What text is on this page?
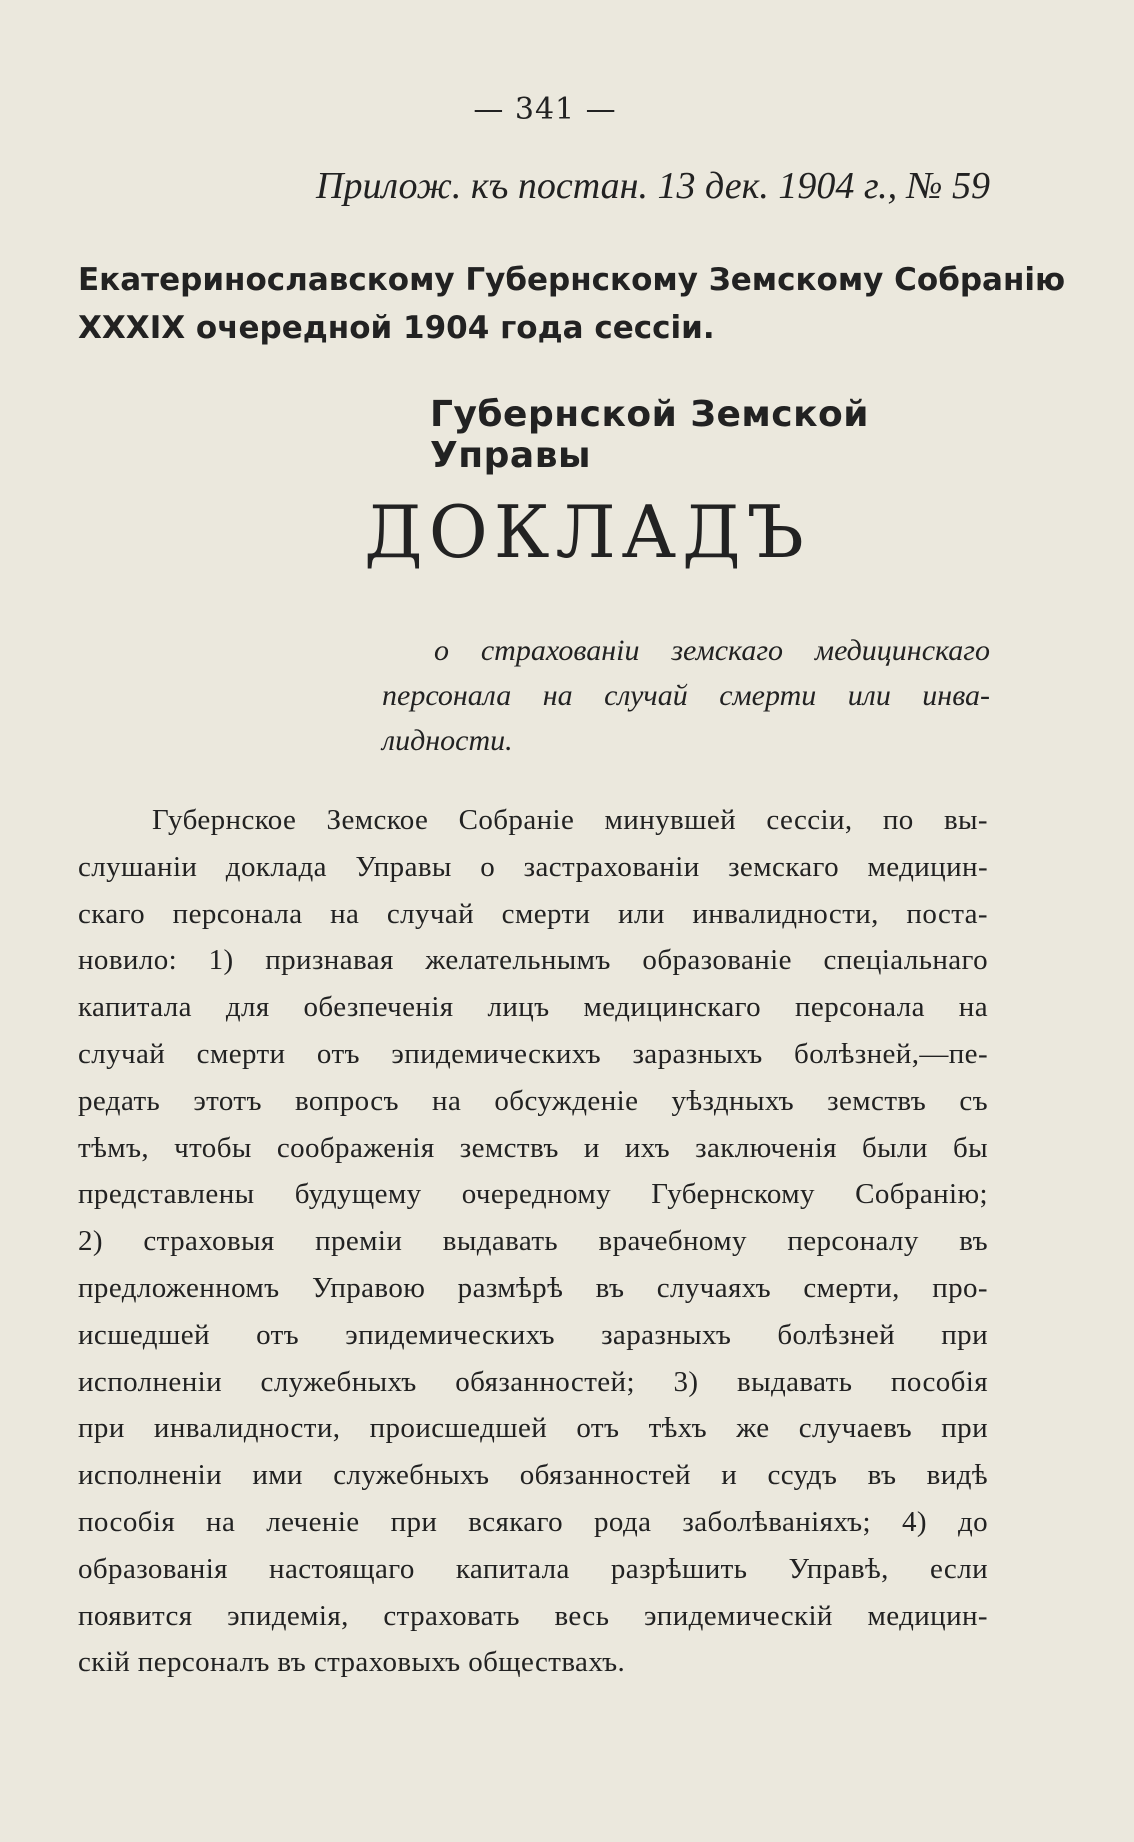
— 341 —
Прилож. къ постан. 13 дек. 1904 г., № 59
Екатеринославскому Губернскому Земскому Собранію
XXXIX очередной 1904 года сессіи.
Губернской Земской Управы
ДОКЛАДЪ
о страхованіи земскаго медицинскаго
персонала на случай смерти или инва-
лидности.
Губернское Земское Собраніе минувшей сессіи, по вы-
слушаніи доклада Управы о застрахованіи земскаго медицин-
скаго персонала на случай смерти или инвалидности, поста-
новило: 1) признавая желательнымъ образованіе спеціальнаго
капитала для обезпеченія лицъ медицинскаго персонала на
случай смерти отъ эпидемическихъ заразныхъ болѣзней,—пе-
редать этотъ вопросъ на обсужденіе уѣздныхъ земствъ съ
тѣмъ, чтобы соображенія земствъ и ихъ заключенія были бы
представлены будущему очередному Губернскому Собранію;
2) страховыя преміи выдавать врачебному персоналу въ
предложенномъ Управою размѣрѣ въ случаяхъ смерти, про-
исшедшей отъ эпидемическихъ заразныхъ болѣзней при
исполненіи служебныхъ обязанностей; 3) выдавать пособія
при инвалидности, происшедшей отъ тѣхъ же случаевъ при
исполненіи ими служебныхъ обязанностей и ссудъ въ видѣ
пособія на леченіе при всякаго рода заболѣваніяхъ; 4) до
образованія настоящаго капитала разрѣшить Управѣ, если
появится эпидемія, страховать весь эпидемическій медицин-
скій персоналъ въ страховыхъ обществахъ.
